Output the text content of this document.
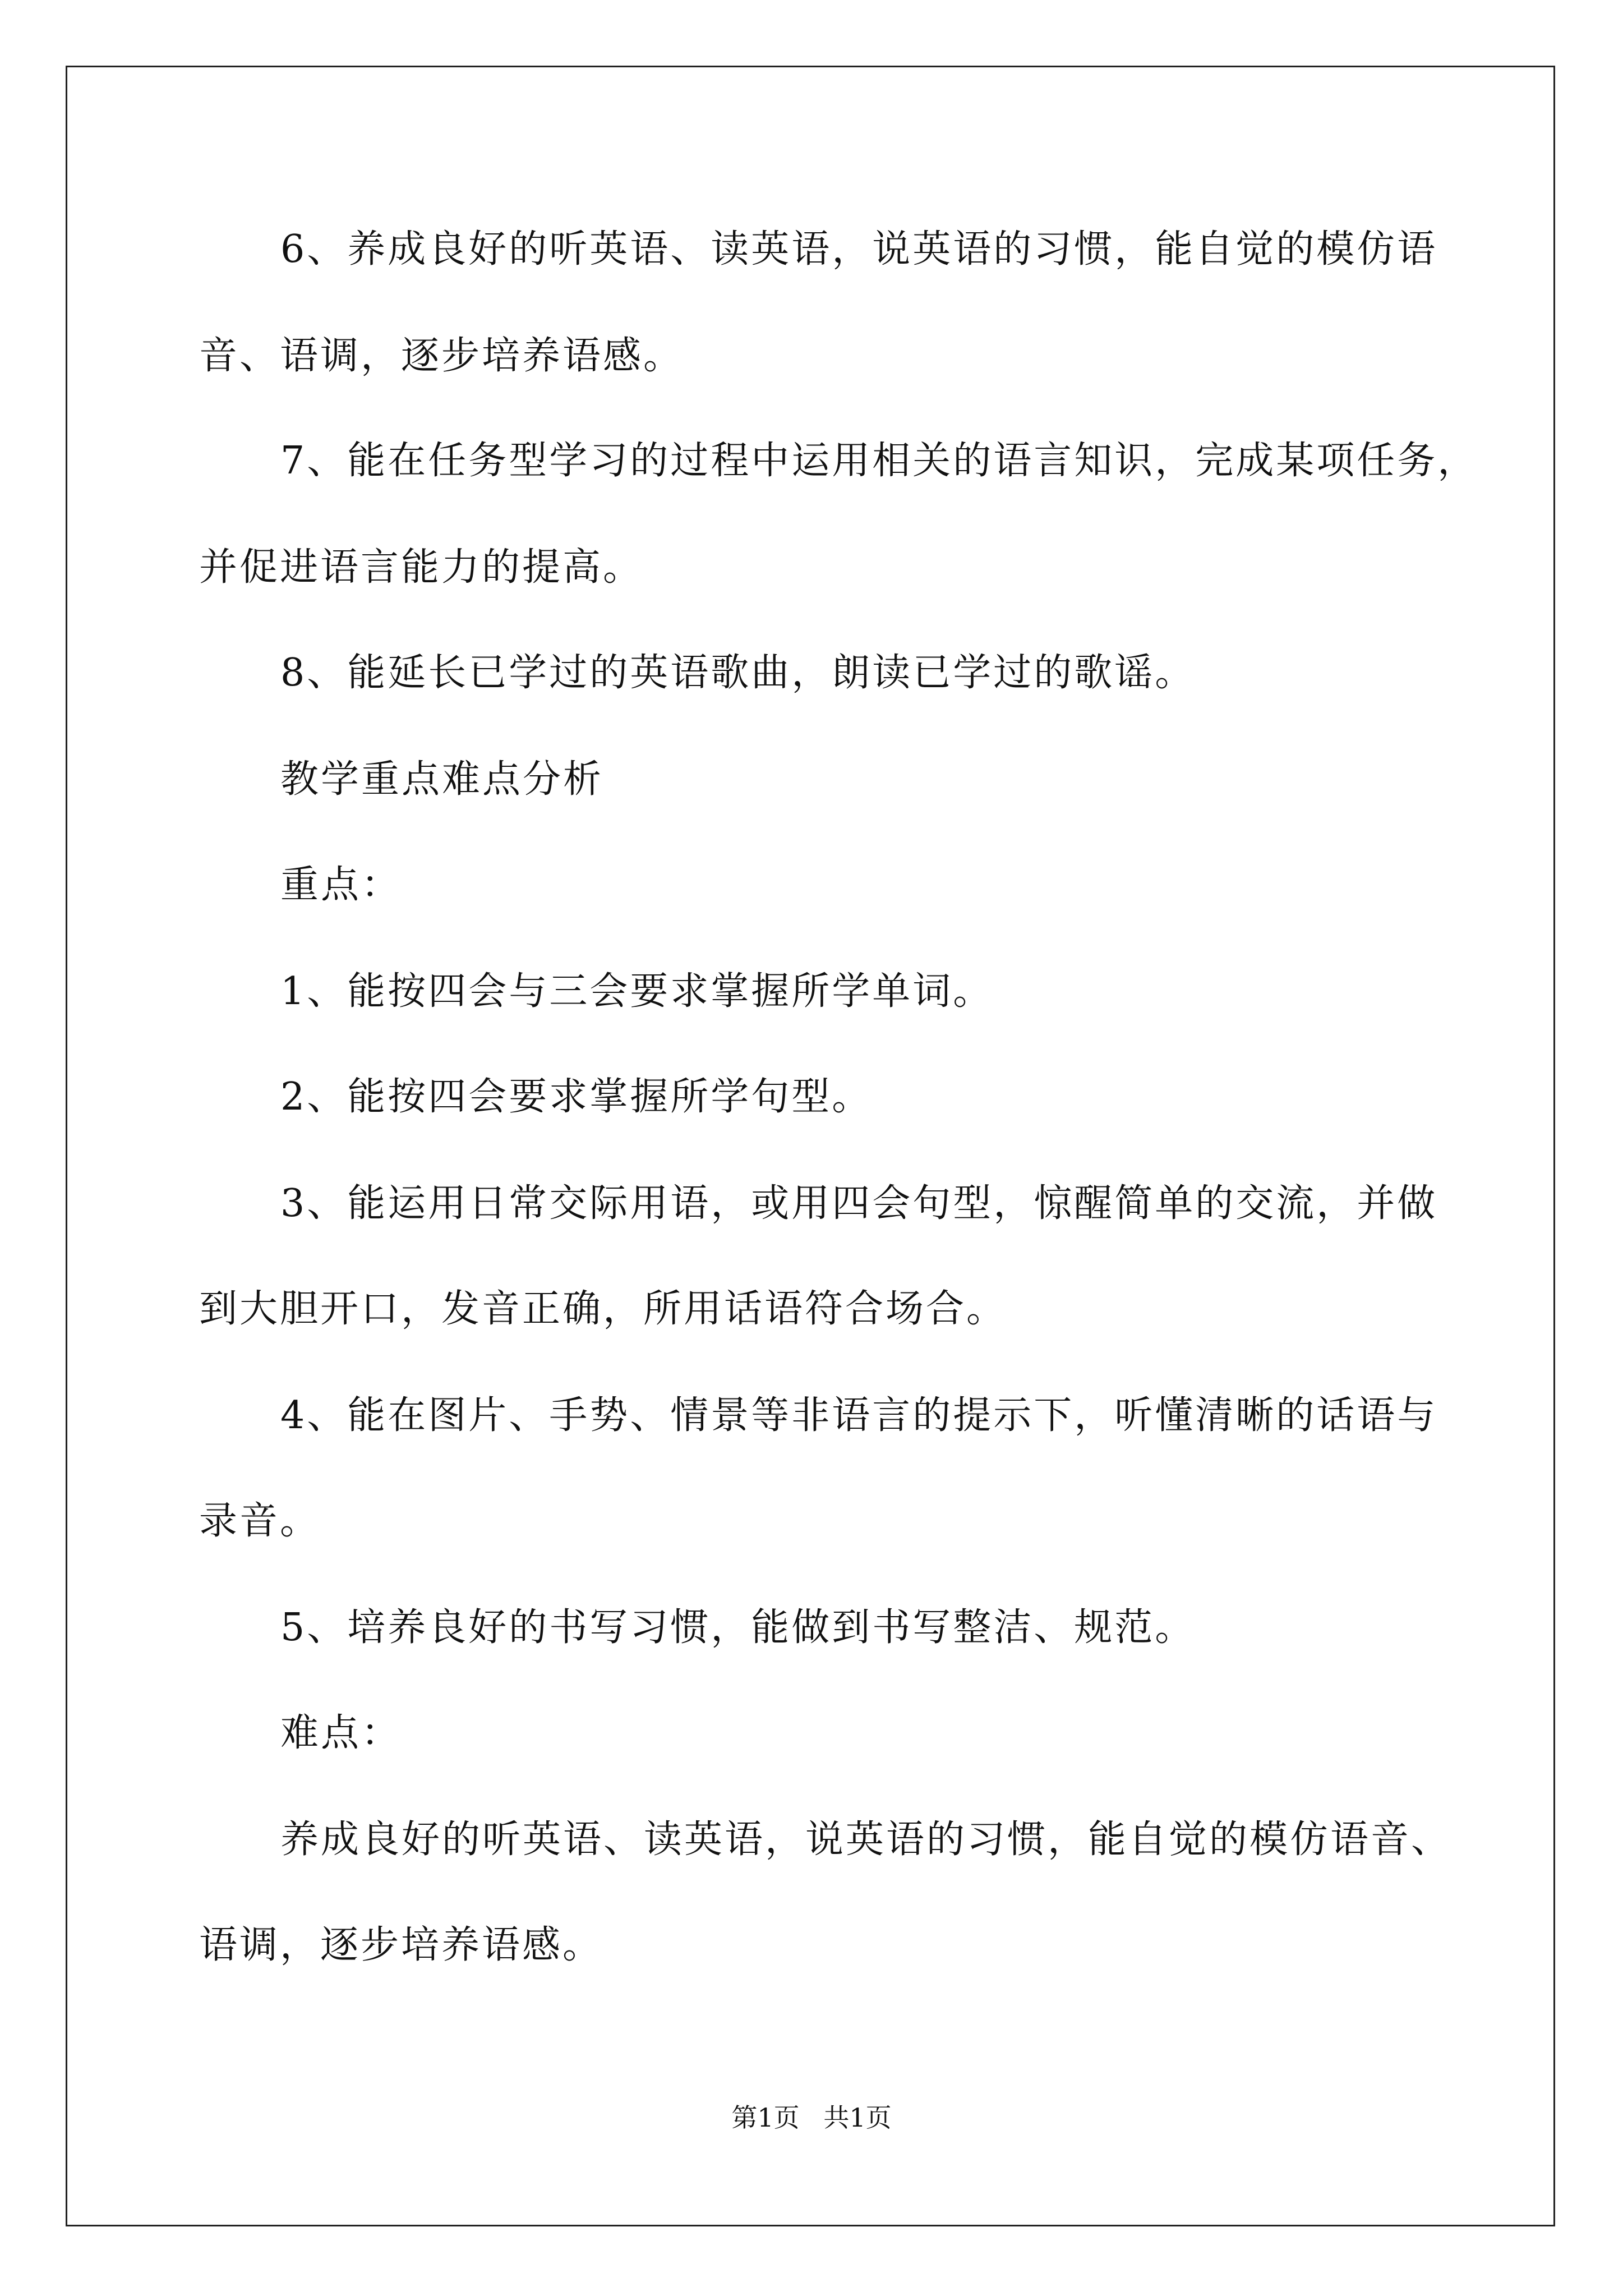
6、养成良好的听英语、读英语，说英语的习惯，能自觉的模仿语
音、语调，逐步培养语感。
7、能在任务型学习的过程中运用相关的语言知识，完成某项任务，
并促进语言能力的提高。
8、能延长已学过的英语歌曲，朗读已学过的歌谣。
教学重点难点分析
重点：
1、能按四会与三会要求掌握所学单词。
2、能按四会要求掌握所学句型。
3、能运用日常交际用语，或用四会句型，惊醒简单的交流，并做
到大胆开口，发音正确，所用话语符合场合。
4、能在图片、手势、情景等非语言的提示下，听懂清晰的话语与
录音。
5、培养良好的书写习惯，能做到书写整洁、规范。
难点：
养成良好的听英语、读英语，说英语的习惯，能自觉的模仿语音、
语调，逐步培养语感。
第1页 共1页
